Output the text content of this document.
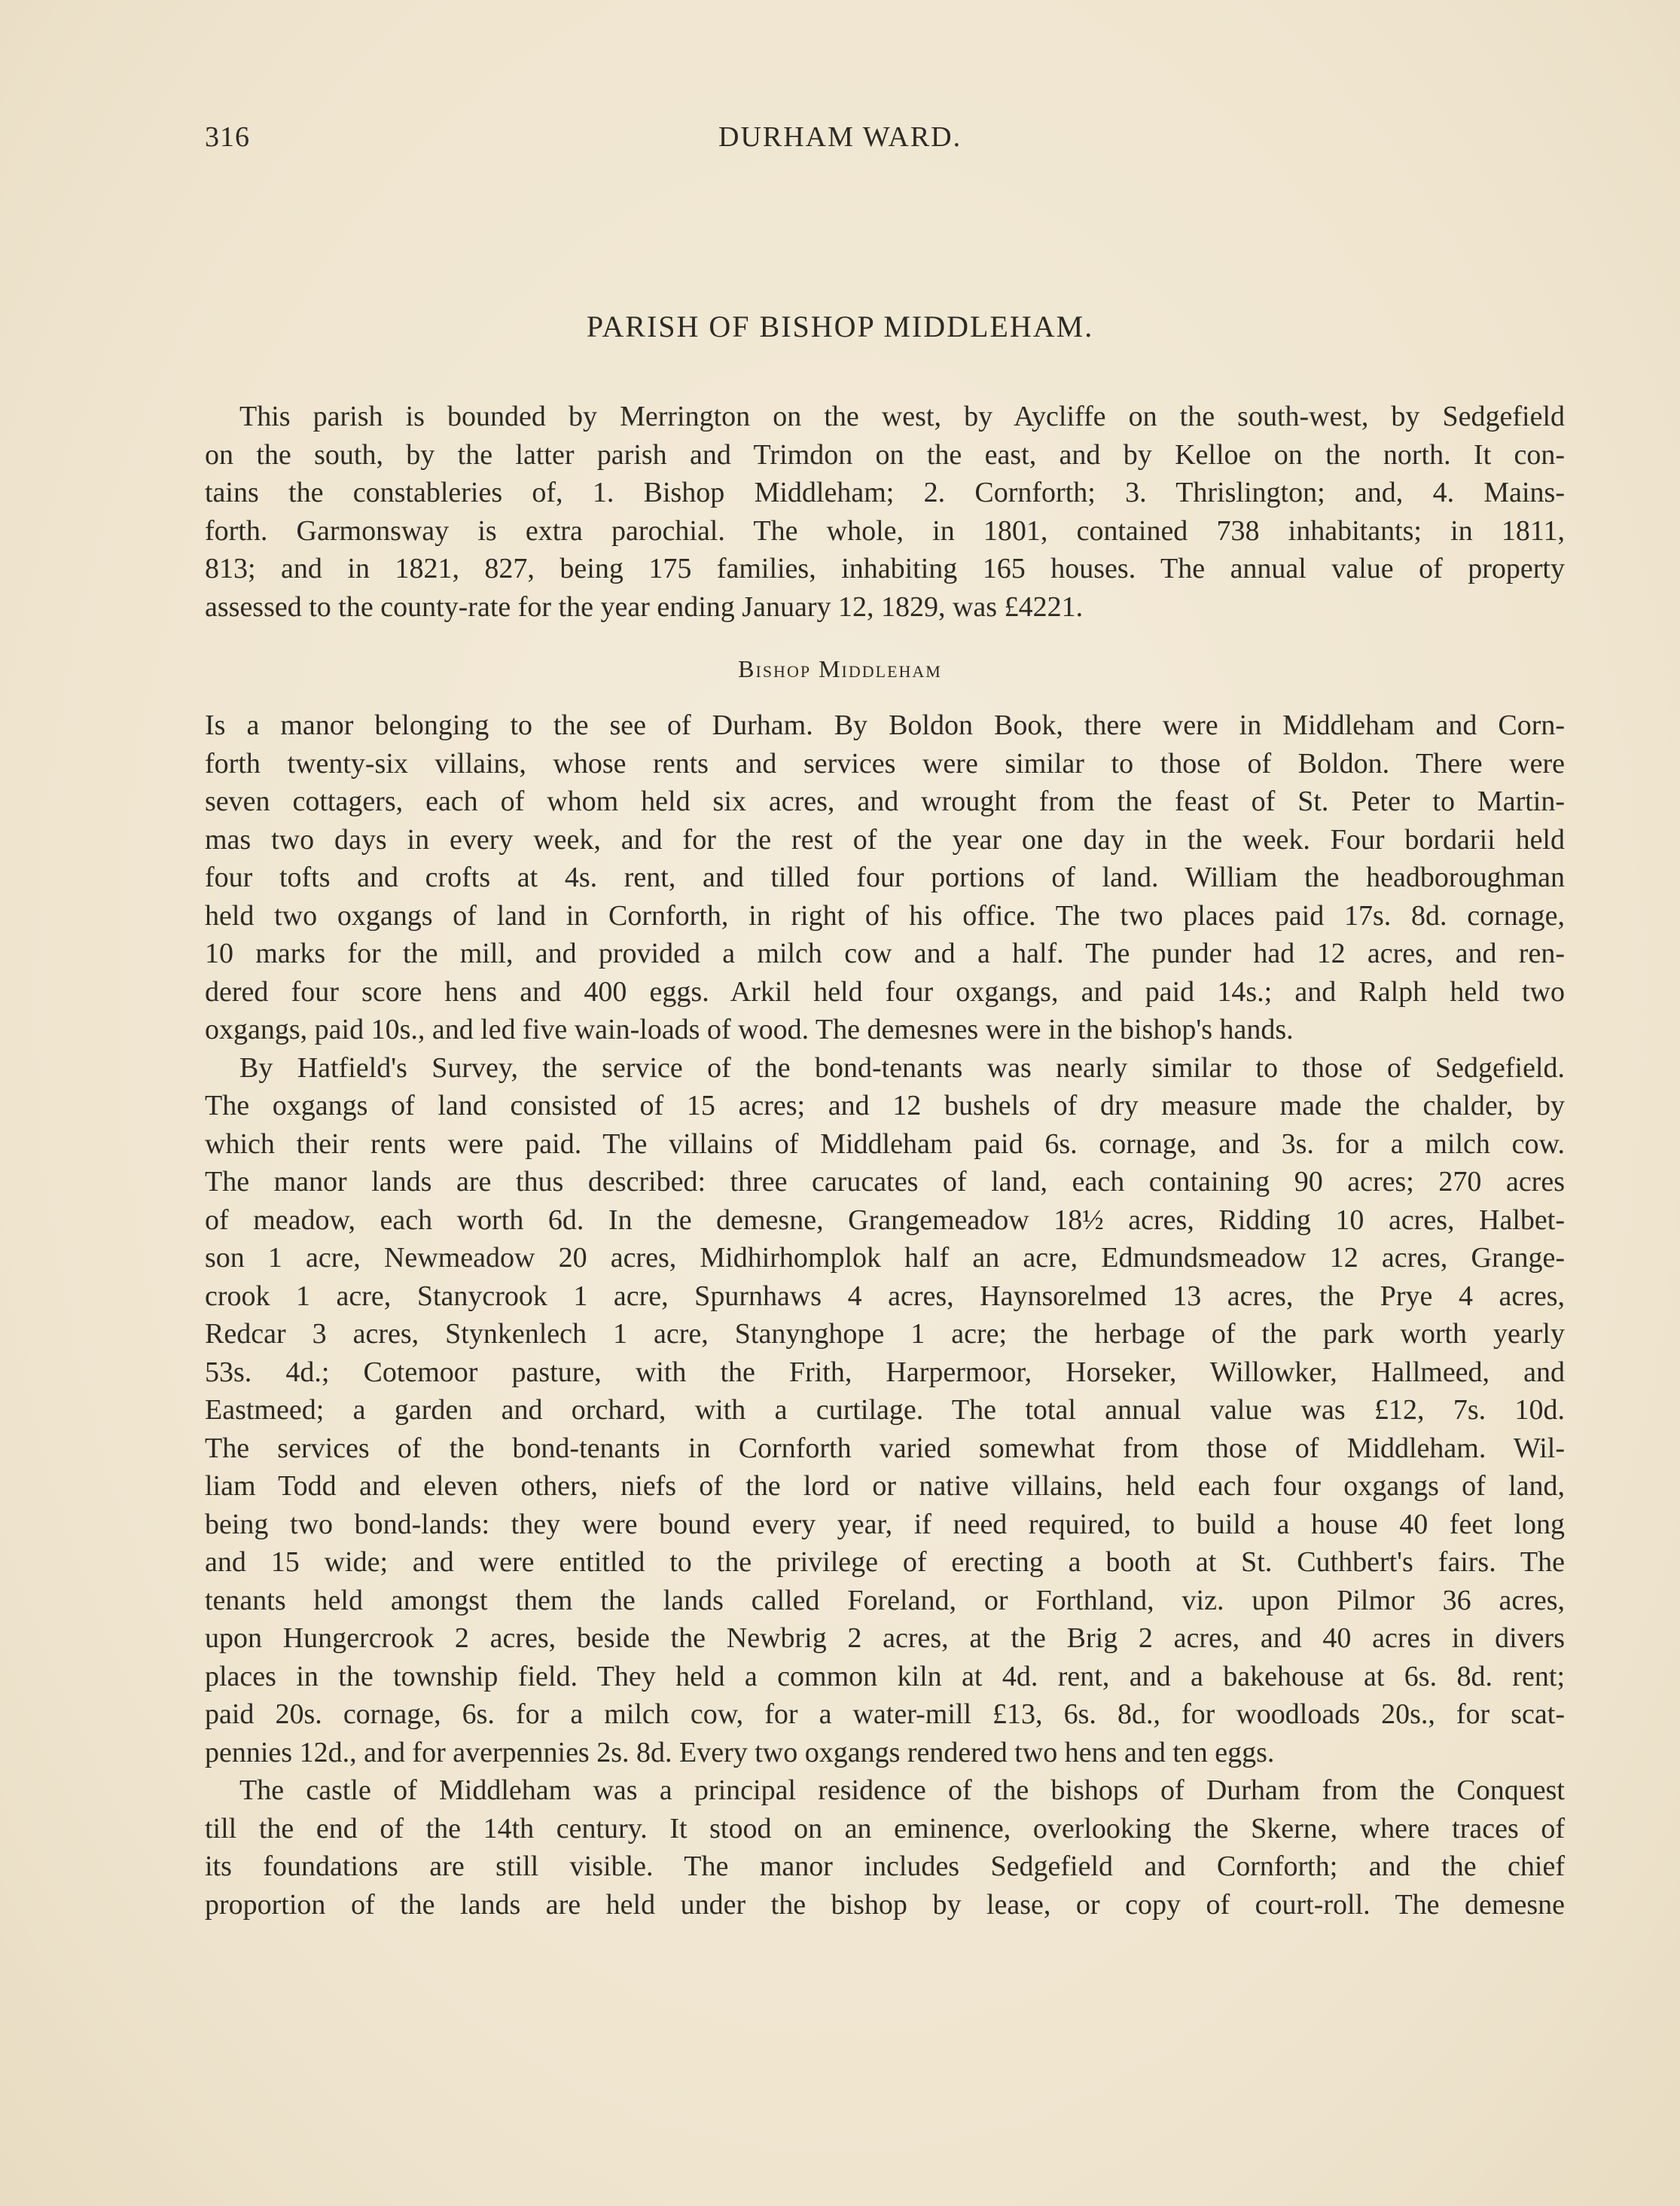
316	DURHAM WARD.
PARISH OF BISHOP MIDDLEHAM.
This parish is bounded by Merrington on the west, by Aycliffe on the south-west, by Sedgefield
on the south, by the latter parish and Trimdon on the east, and by Kelloe on the north. It con-
tains the constableries of, 1. Bishop Middleham; 2. Cornforth; 3. Thrislington; and, 4. Mains-
forth. Garmonsway is extra parochial. The whole, in 1801, contained 738 inhabitants; in 1811,
813; and in 1821, 827, being 175 families, inhabiting 165 houses. The annual value of property
assessed to the county-rate for the year ending January 12, 1829, was £4221.
Bishop Middleham
Is a manor belonging to the see of Durham. By Boldon Book, there were in Middleham and Corn-
forth twenty-six villains, whose rents and services were similar to those of Boldon. There were
seven cottagers, each of whom held six acres, and wrought from the feast of St. Peter to Martin-
mas two days in every week, and for the rest of the year one day in the week. Four bordarii held
four tofts and crofts at 4s. rent, and tilled four portions of land. William the headboroughman
held two oxgangs of land in Cornforth, in right of his office. The two places paid 17s. 8d. cornage,
10 marks for the mill, and provided a milch cow and a half. The punder had 12 acres, and ren-
dered four score hens and 400 eggs. Arkil held four oxgangs, and paid 14s.; and Ralph held two
oxgangs, paid 10s., and led five wain-loads of wood. The demesnes were in the bishop's hands.
By Hatfield's Survey, the service of the bond-tenants was nearly similar to those of Sedgefield.
The oxgangs of land consisted of 15 acres; and 12 bushels of dry measure made the chalder, by
which their rents were paid. The villains of Middleham paid 6s. cornage, and 3s. for a milch cow.
The manor lands are thus described: three carucates of land, each containing 90 acres; 270 acres
of meadow, each worth 6d. In the demesne, Grangemeadow 18½ acres, Ridding 10 acres, Halbet-
son 1 acre, Newmeadow 20 acres, Midhirhomplok half an acre, Edmundsmeadow 12 acres, Grange-
crook 1 acre, Stanycrook 1 acre, Spurnhaws 4 acres, Haynsorelmed 13 acres, the Prye 4 acres,
Redcar 3 acres, Stynkenlech 1 acre, Stanynghope 1 acre; the herbage of the park worth yearly
53s. 4d.; Cotemoor pasture, with the Frith, Harpermoor, Horseker, Willowker, Hallmeed, and
Eastmeed; a garden and orchard, with a curtilage. The total annual value was £12, 7s. 10d.
The services of the bond-tenants in Cornforth varied somewhat from those of Middleham. Wil-
liam Todd and eleven others, niefs of the lord or native villains, held each four oxgangs of land,
being two bond-lands: they were bound every year, if need required, to build a house 40 feet long
and 15 wide; and were entitled to the privilege of erecting a booth at St. Cuthbert's fairs. The
tenants held amongst them the lands called Foreland, or Forthland, viz. upon Pilmor 36 acres,
upon Hungercrook 2 acres, beside the Newbrig 2 acres, at the Brig 2 acres, and 40 acres in divers
places in the township field. They held a common kiln at 4d. rent, and a bakehouse at 6s. 8d. rent;
paid 20s. cornage, 6s. for a milch cow, for a water-mill £13, 6s. 8d., for woodloads 20s., for scat-
pennies 12d., and for averpennies 2s. 8d. Every two oxgangs rendered two hens and ten eggs.
The castle of Middleham was a principal residence of the bishops of Durham from the Conquest
till the end of the 14th century. It stood on an eminence, overlooking the Skerne, where traces of
its foundations are still visible. The manor includes Sedgefield and Cornforth; and the chief
proportion of the lands are held under the bishop by lease, or copy of court-roll. The demesne
